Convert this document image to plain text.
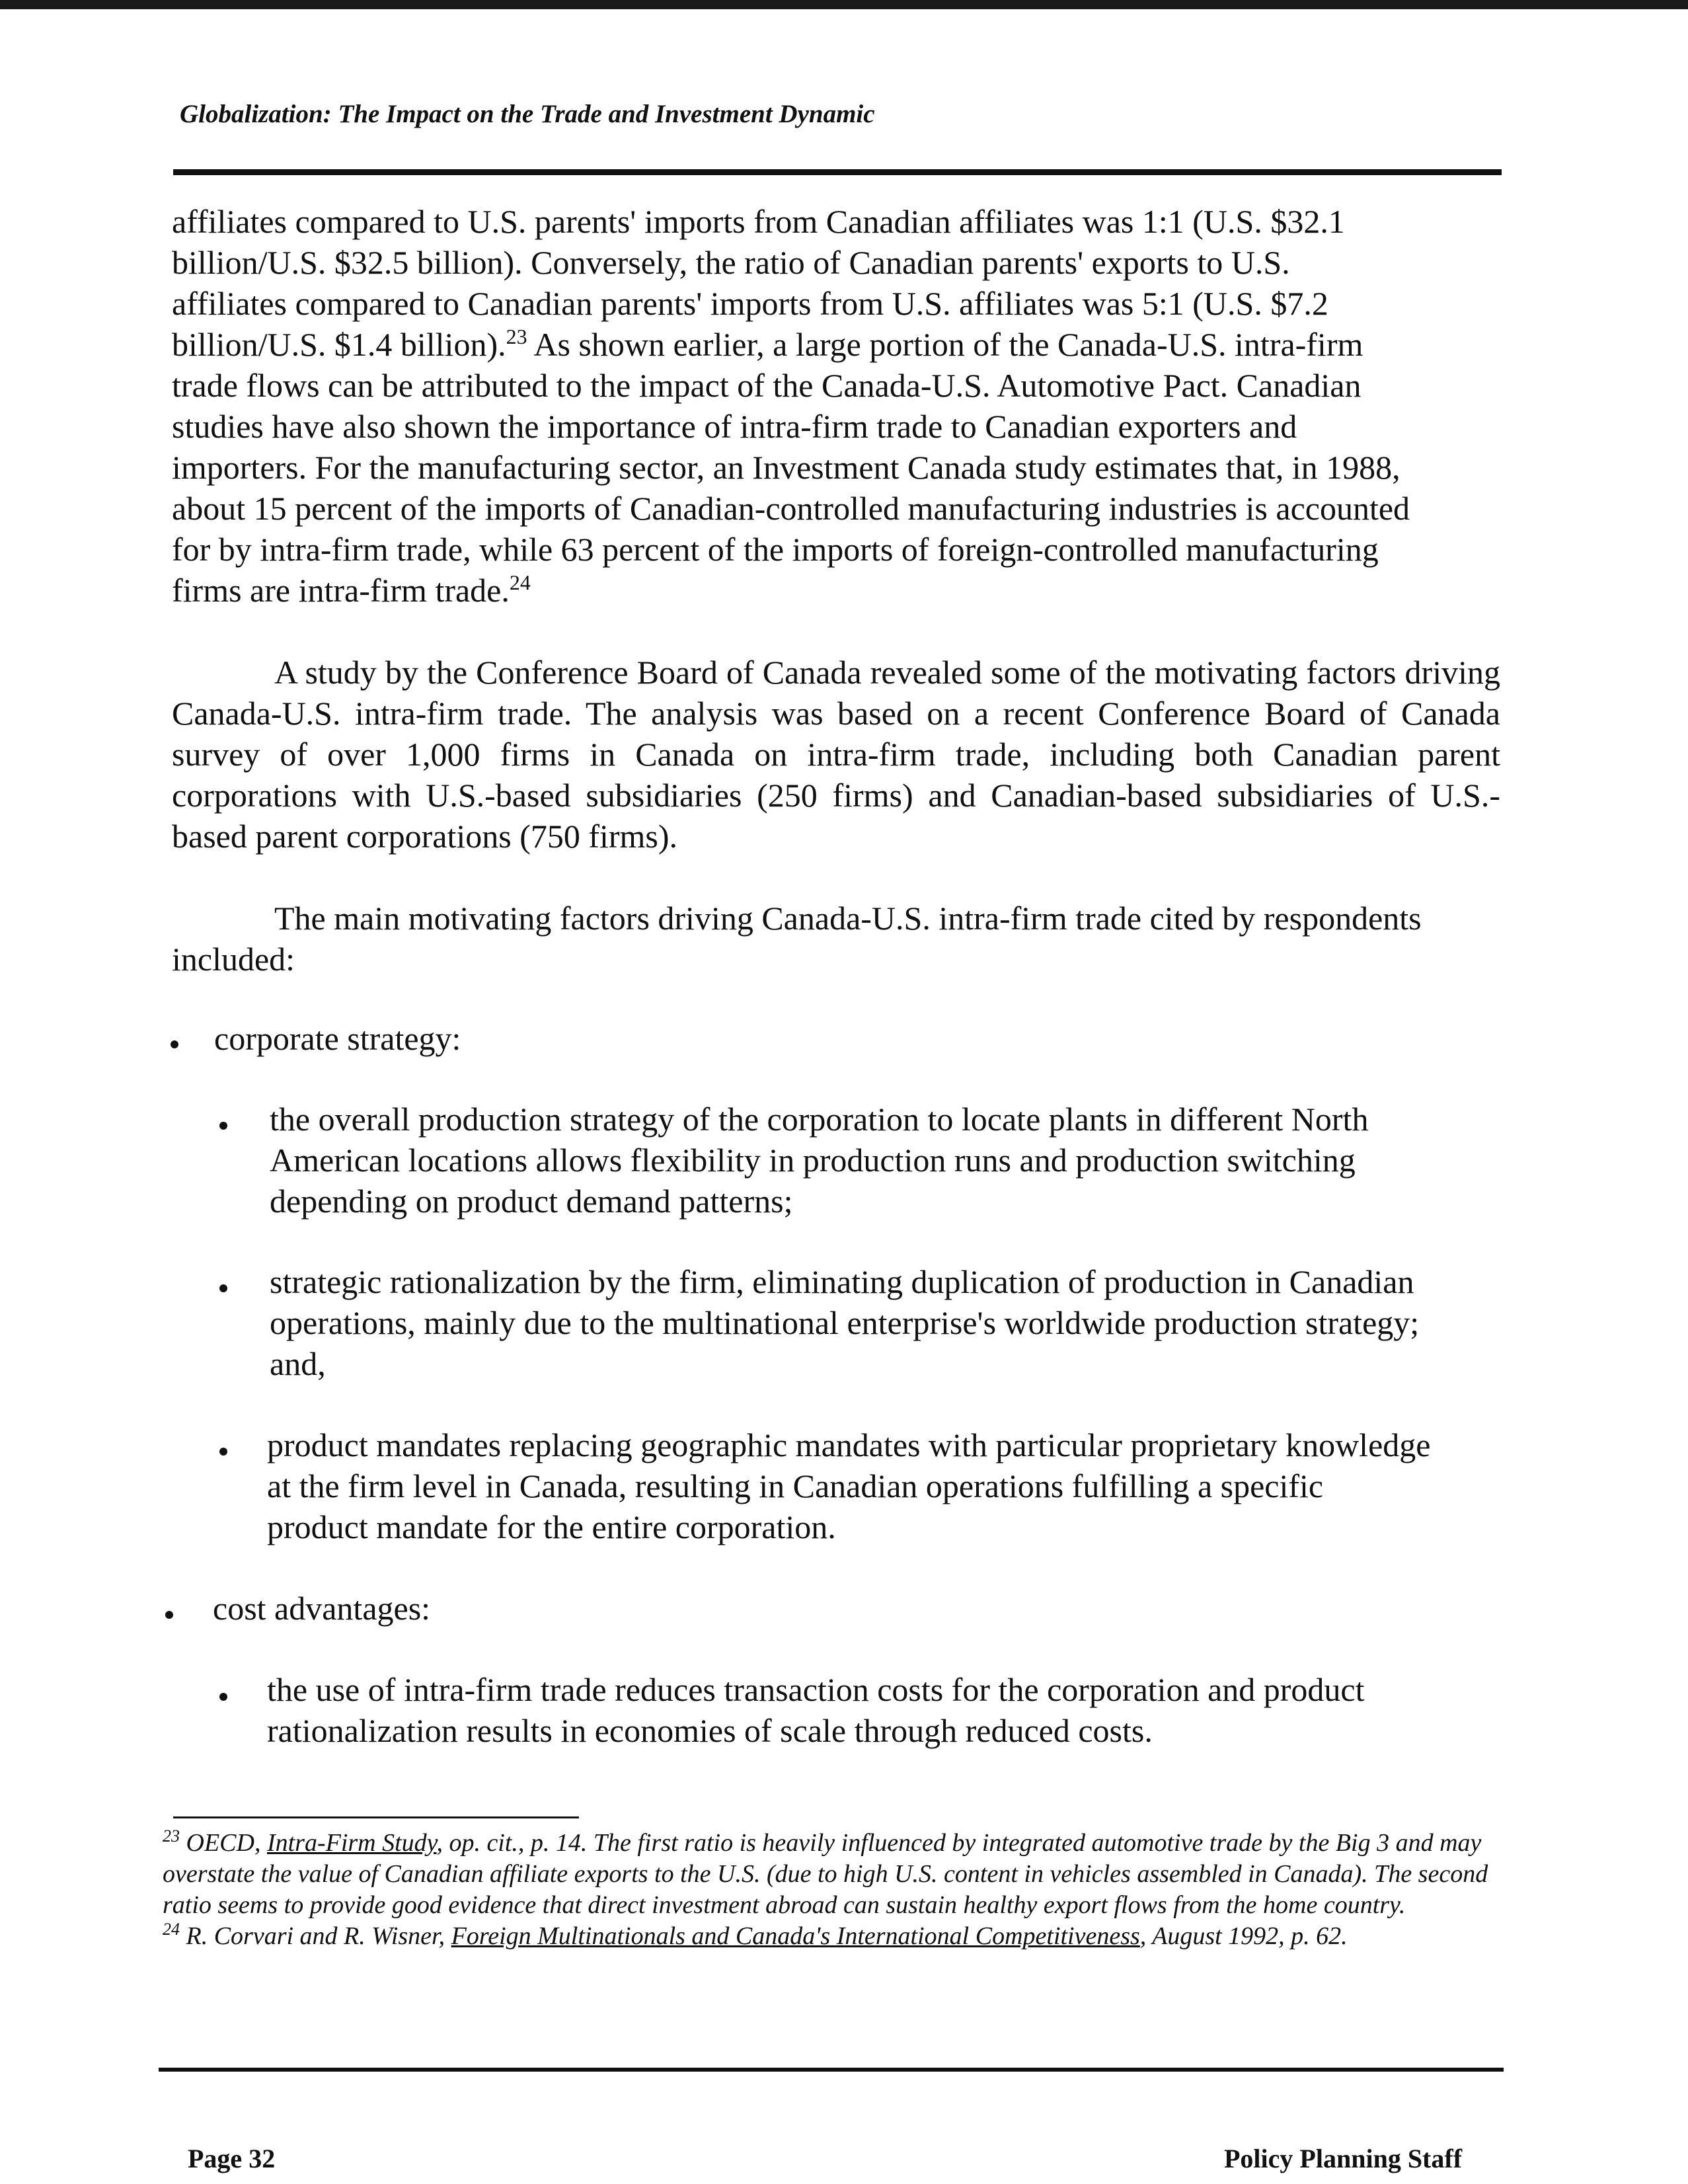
Globalization: The Impact on the Trade and Investment Dynamic

affiliates compared to U.S. parents' imports from Canadian affiliates was 1:1 (U.S. $32.1
billion/U.S. $32.5 billion). Conversely, the ratio of Canadian parents' exports to U.S.
affiliates compared to Canadian parents' imports from U.S. affiliates was 5:1 (U.S. $7.2
billion/U.S. $1.4 billion).$^{23}$ As shown earlier, a large portion of the Canada-U.S. intra-firm
trade flows can be attributed to the impact of the Canada-U.S. Automotive Pact. Canadian
studies have also shown the importance of intra-firm trade to Canadian exporters and
importers. For the manufacturing sector, an Investment Canada study estimates that, in 1988,
about 15 percent of the imports of Canadian-controlled manufacturing industries is accounted
for by intra-firm trade, while 63 percent of the imports of foreign-controlled manufacturing
firms are intra-firm trade.$^{24}$

A study by the Conference Board of Canada revealed some of the motivating factors driving Canada-U.S. intra-firm trade. The analysis was based on a recent Conference Board of Canada survey of over 1,000 firms in Canada on intra-firm trade, including both Canadian parent corporations with U.S.-based subsidiaries (250 firms) and Canadian-based subsidiaries of U.S.-based parent corporations (750 firms).

The main motivating factors driving Canada-U.S. intra-firm trade cited by respondents included:

corporate strategy:
the overall production strategy of the corporation to locate plants in different North
American locations allows flexibility in production runs and production switching
depending on product demand patterns;
strategic rationalization by the firm, eliminating duplication of production in Canadian
operations, mainly due to the multinational enterprise's worldwide production strategy;
and,
product mandates replacing geographic mandates with particular proprietary knowledge
at the firm level in Canada, resulting in Canadian operations fulfilling a specific
product mandate for the entire corporation.
cost advantages:
the use of intra-firm trade reduces transaction costs for the corporation and product
rationalization results in economies of scale through reduced costs.

$^{23}$ OECD, Intra-Firm Study, op. cit., p. 14. The first ratio is heavily influenced by integrated automotive trade by the Big 3 and may overstate the value of Canadian affiliate exports to the U.S. (due to high U.S. content in vehicles assembled in Canada). The second ratio seems to provide good evidence that direct investment abroad can sustain healthy export flows from the home country.

$^{24}$ R. Corvari and R. Wisner, Foreign Multinationals and Canada's International Competitiveness, August 1992, p. 62.

Page 32	Policy Planning Staff
